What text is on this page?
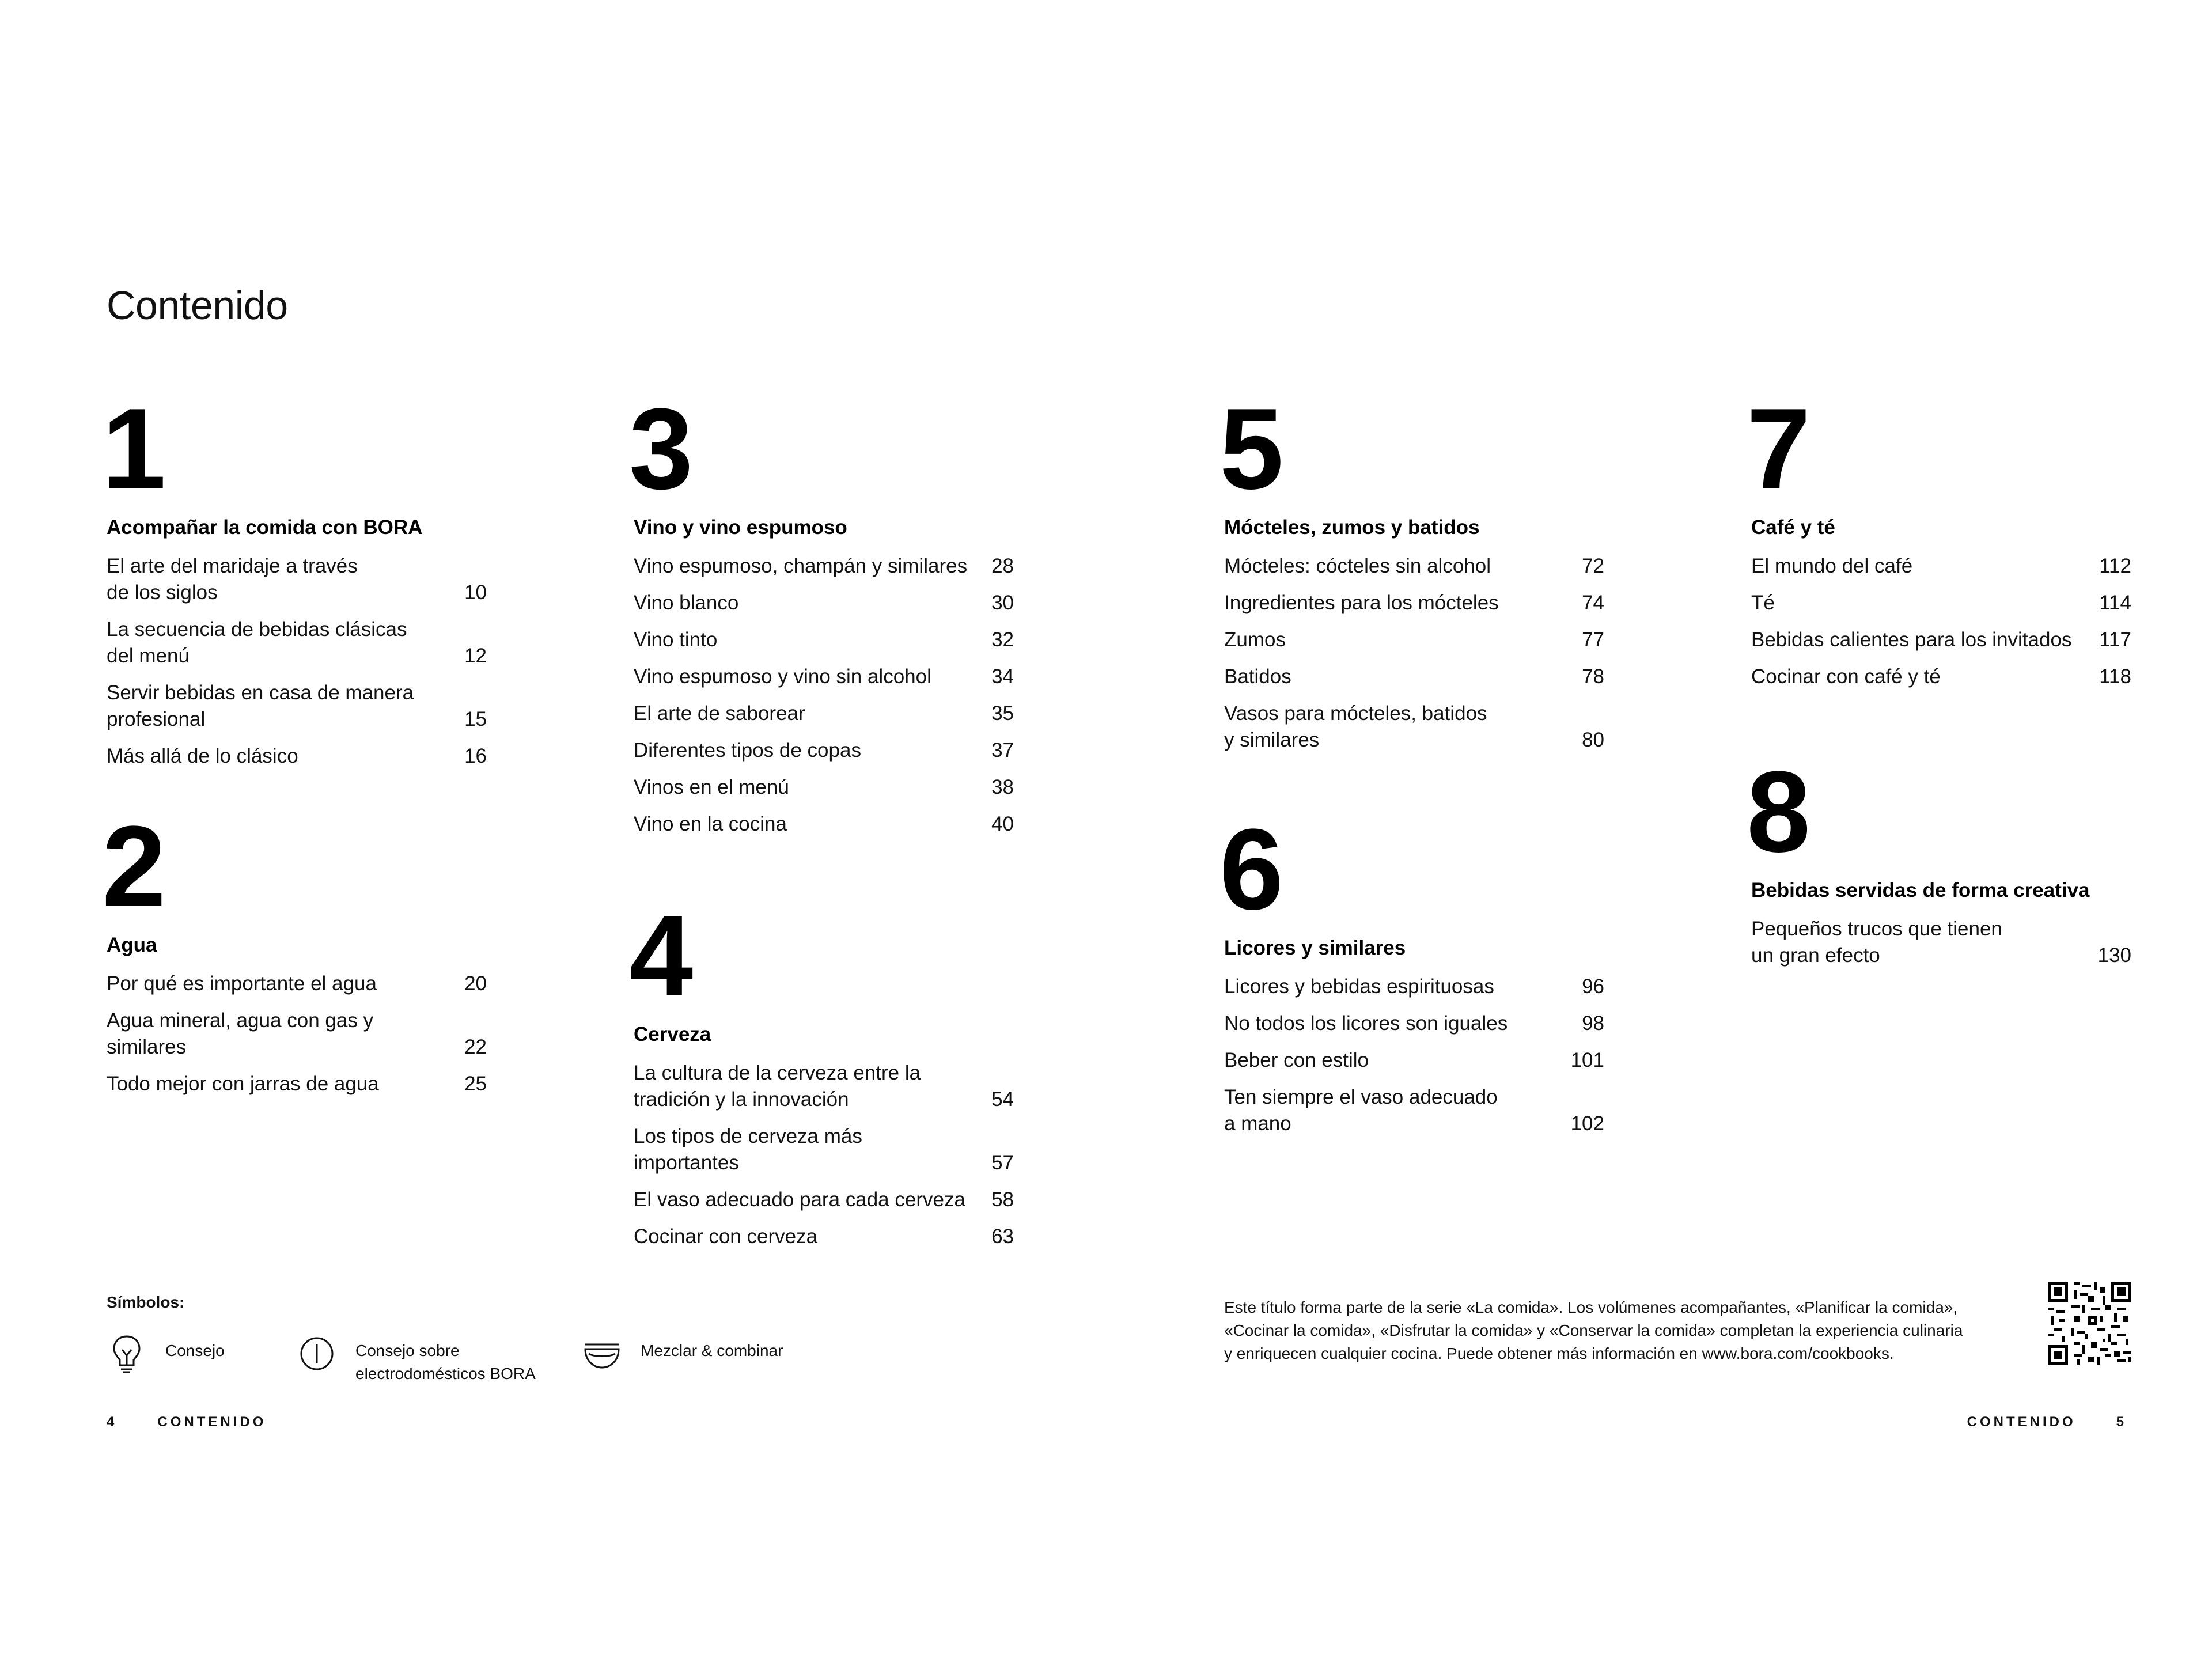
Contenido
1
Acompañar la comida con BORA
El arte del maridaje a través
de los siglos	10
La secuencia de bebidas clásicas
del menú	12
Servir bebidas en casa de manera
profesional	15
Más allá de lo clásico	16
2
Agua
Por qué es importante el agua	20
Agua mineral, agua con gas y similares	22
Todo mejor con jarras de agua	25
3
Vino y vino espumoso
Vino espumoso, champán y similares 28
Vino blanco	30
Vino tinto	32
Vino espumoso y vino sin alcohol	34
El arte de saborear	35
Diferentes tipos de copas	37
Vinos en el menú	38
Vino en la cocina	40
4
Cerveza
La cultura de la cerveza entre la
tradición y la innovación	54
Los tipos de cerveza más importantes	57
El vaso adecuado para cada cerveza 58
Cocinar con cerveza	63
5
Mócteles, zumos y batidos
Mócteles: cócteles sin alcohol	72
Ingredientes para los mócteles	74
Zumos	77
Batidos	78
Vasos para mócteles, batidos
y similares	80
6
Licores y similares
Licores y bebidas espirituosas	96
No todos los licores son iguales	98
Beber con estilo	101
Ten siempre el vaso adecuado
a mano	102
7
Café y té
El mundo del café	112
Té	114
Bebidas calientes para los invitados	117
Cocinar con café y té	118
8
Bebidas servidas de forma creativa
Pequeños trucos que tienen
un gran efecto	130
Símbolos:
Consejo	Consejo sobre
electrodomésticos BORA
Mezclar & combinar

Este título forma parte de la serie «La comida». Los volúmenes acompañantes, «Planificar la comida»,
«Cocinar la comida», «Disfrutar la comida» y «Conservar la comida» completan la experiencia culinaria
y enriquecen cualquier cocina. Puede obtener más información en www.bora.com/cookbooks.

4	CONTENIDO	CONTENIDO	5
